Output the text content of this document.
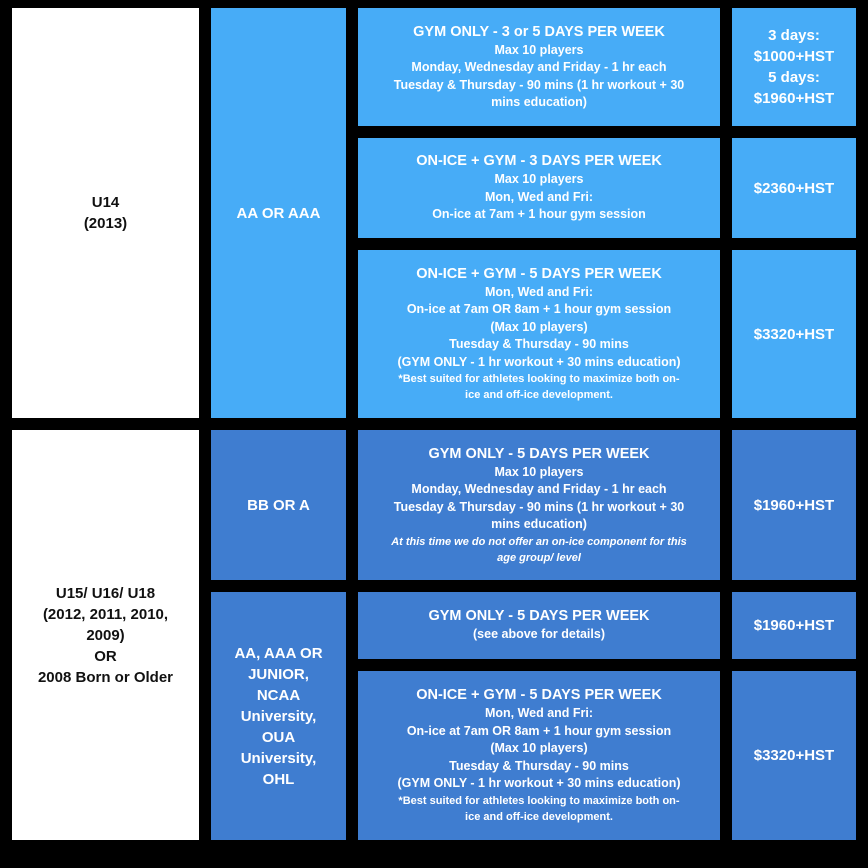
U14
(2013)
AA OR AAA
GYM ONLY - 3 or 5 DAYS PER WEEK
Max 10 players
Monday, Wednesday and Friday - 1 hr each
Tuesday & Thursday - 90 mins (1 hr workout + 30
mins education)
3 days:
$1000+HST
5 days:
$1960+HST
ON-ICE + GYM - 3 DAYS PER WEEK
Max 10 players
Mon, Wed and Fri:
On-ice at 7am + 1 hour gym session
$2360+HST
ON-ICE + GYM - 5 DAYS PER WEEK
Mon, Wed and Fri:
On-ice at 7am OR 8am + 1 hour gym session
(Max 10 players)
Tuesday & Thursday - 90 mins
(GYM ONLY - 1 hr workout + 30 mins education)
*Best suited for athletes looking to maximize both on-
ice and off-ice development.
$3320+HST
U15/ U16/ U18
(2012, 2011, 2010,
2009)
OR
2008 Born or Older
BB OR A
AA, AAA OR
JUNIOR,
NCAA
University,
OUA
University,
OHL
GYM ONLY - 5 DAYS PER WEEK
Max 10 players
Monday, Wednesday and Friday - 1 hr each
Tuesday & Thursday - 90 mins (1 hr workout + 30
mins education)
At this time we do not offer an on-ice component for this
age group/ level
$1960+HST
GYM ONLY - 5 DAYS PER WEEK
(see above for details)
$1960+HST
ON-ICE + GYM - 5 DAYS PER WEEK
Mon, Wed and Fri:
On-ice at 7am OR 8am + 1 hour gym session
(Max 10 players)
Tuesday & Thursday - 90 mins
(GYM ONLY - 1 hr workout + 30 mins education)
*Best suited for athletes looking to maximize both on-
ice and off-ice development.
$3320+HST
